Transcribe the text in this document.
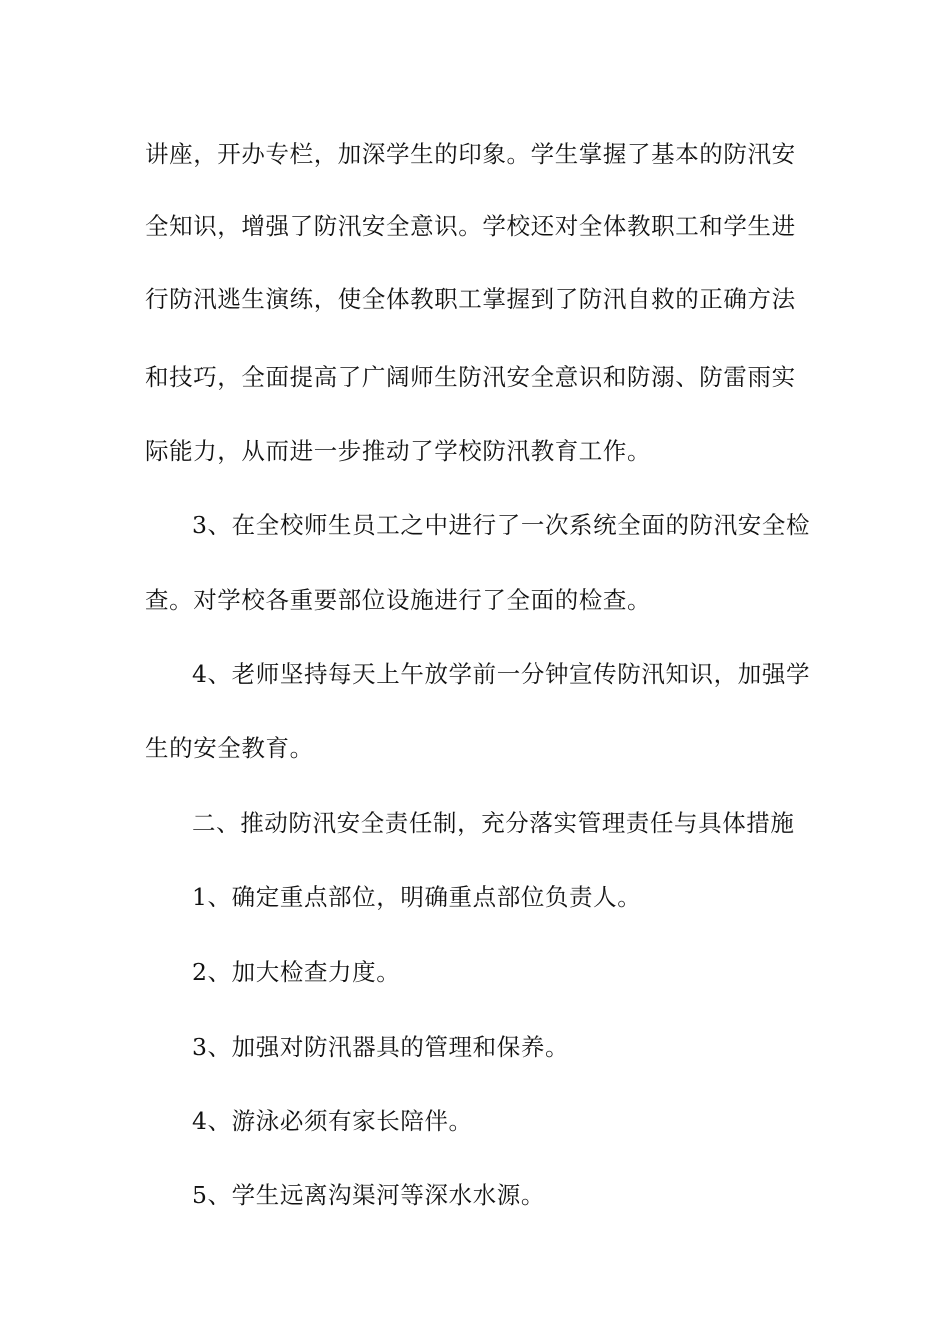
讲座，开办专栏，加深学生的印象。学生掌握了基本的防汛安
全知识，增强了防汛安全意识。学校还对全体教职工和学生进
行防汛逃生演练，使全体教职工掌握到了防汛自救的正确方法
和技巧，全面提高了广阔师生防汛安全意识和防溺、防雷雨实
际能力，从而进一步推动了学校防汛教育工作。
3、在全校师生员工之中进行了一次系统全面的防汛安全检
查。对学校各重要部位设施进行了全面的检查。
4、老师坚持每天上午放学前一分钟宣传防汛知识，加强学
生的安全教育。
二、推动防汛安全责任制，充分落实管理责任与具体措施
1、确定重点部位，明确重点部位负责人。
2、加大检查力度。
3、加强对防汛器具的管理和保养。
4、游泳必须有家长陪伴。
5、学生远离沟渠河等深水水源。
